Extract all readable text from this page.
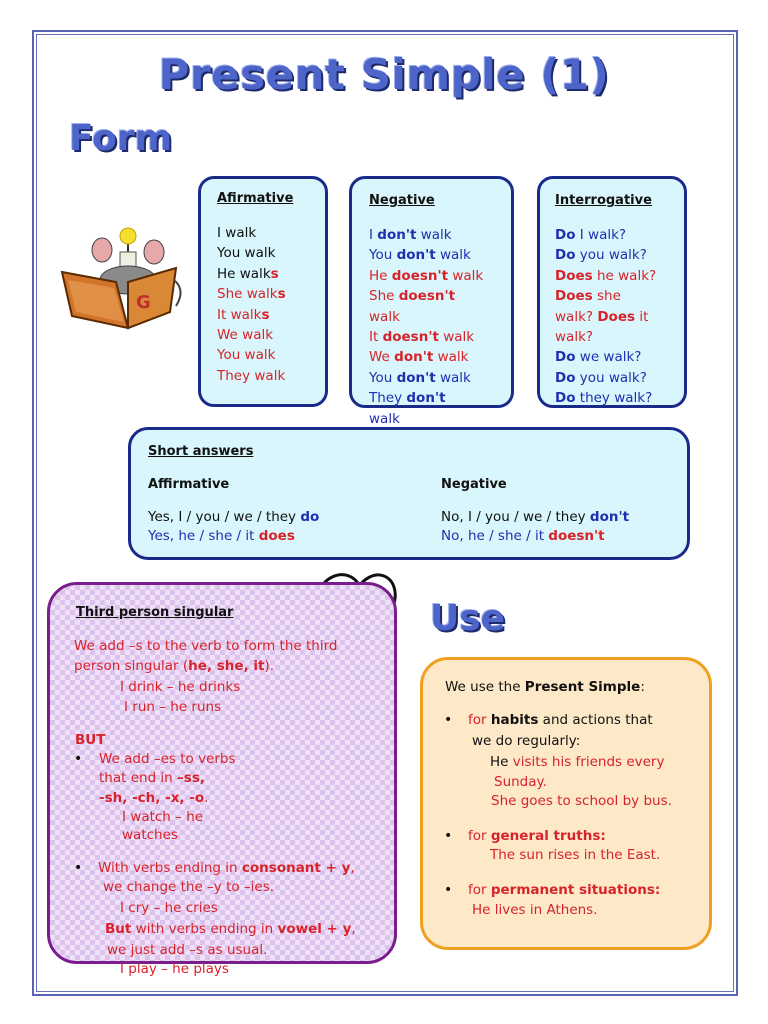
Present Simple (1)
Form
Use
G
Afirmative
I walk
You walk
He walks
She walks
It walks
We walk
You walk
They walk
Negative
I don't walk
You don't walk
He doesn't walk
She doesn't
walk
It doesn't walk
We don't walk
You don't walk
They don't
walk
Interrogative
Do I walk?
Do you walk?
Does he walk?
Does she
walk? Does it
walk?
Do we walk?
Do you walk?
Do they walk?
Short answers
Affirmative	Negative
Yes, I / you / we / they do
Yes, he / she / it does
No, I / you / we / they don't
No, he / she / it doesn't
Third person singular
We add –s to the verb to form the third
person singular (he, she, it).
I drink – he drinks
I run – he runs
BUT
• We add –es to verbs
that end in –ss,
-sh, -ch, -x, -o.
I watch – he
watches
• With verbs ending in consonant + y,
we change the –y to –ies.
I cry – he cries
But with verbs ending in vowel + y,
we just add –s as usual.
I play – he plays
We use the Present Simple:
• for habits and actions that
we do regularly:
He visits his friends every
Sunday.
She goes to school by bus.
• for general truths:
The sun rises in the East.
• for permanent situations:
He lives in Athens.
